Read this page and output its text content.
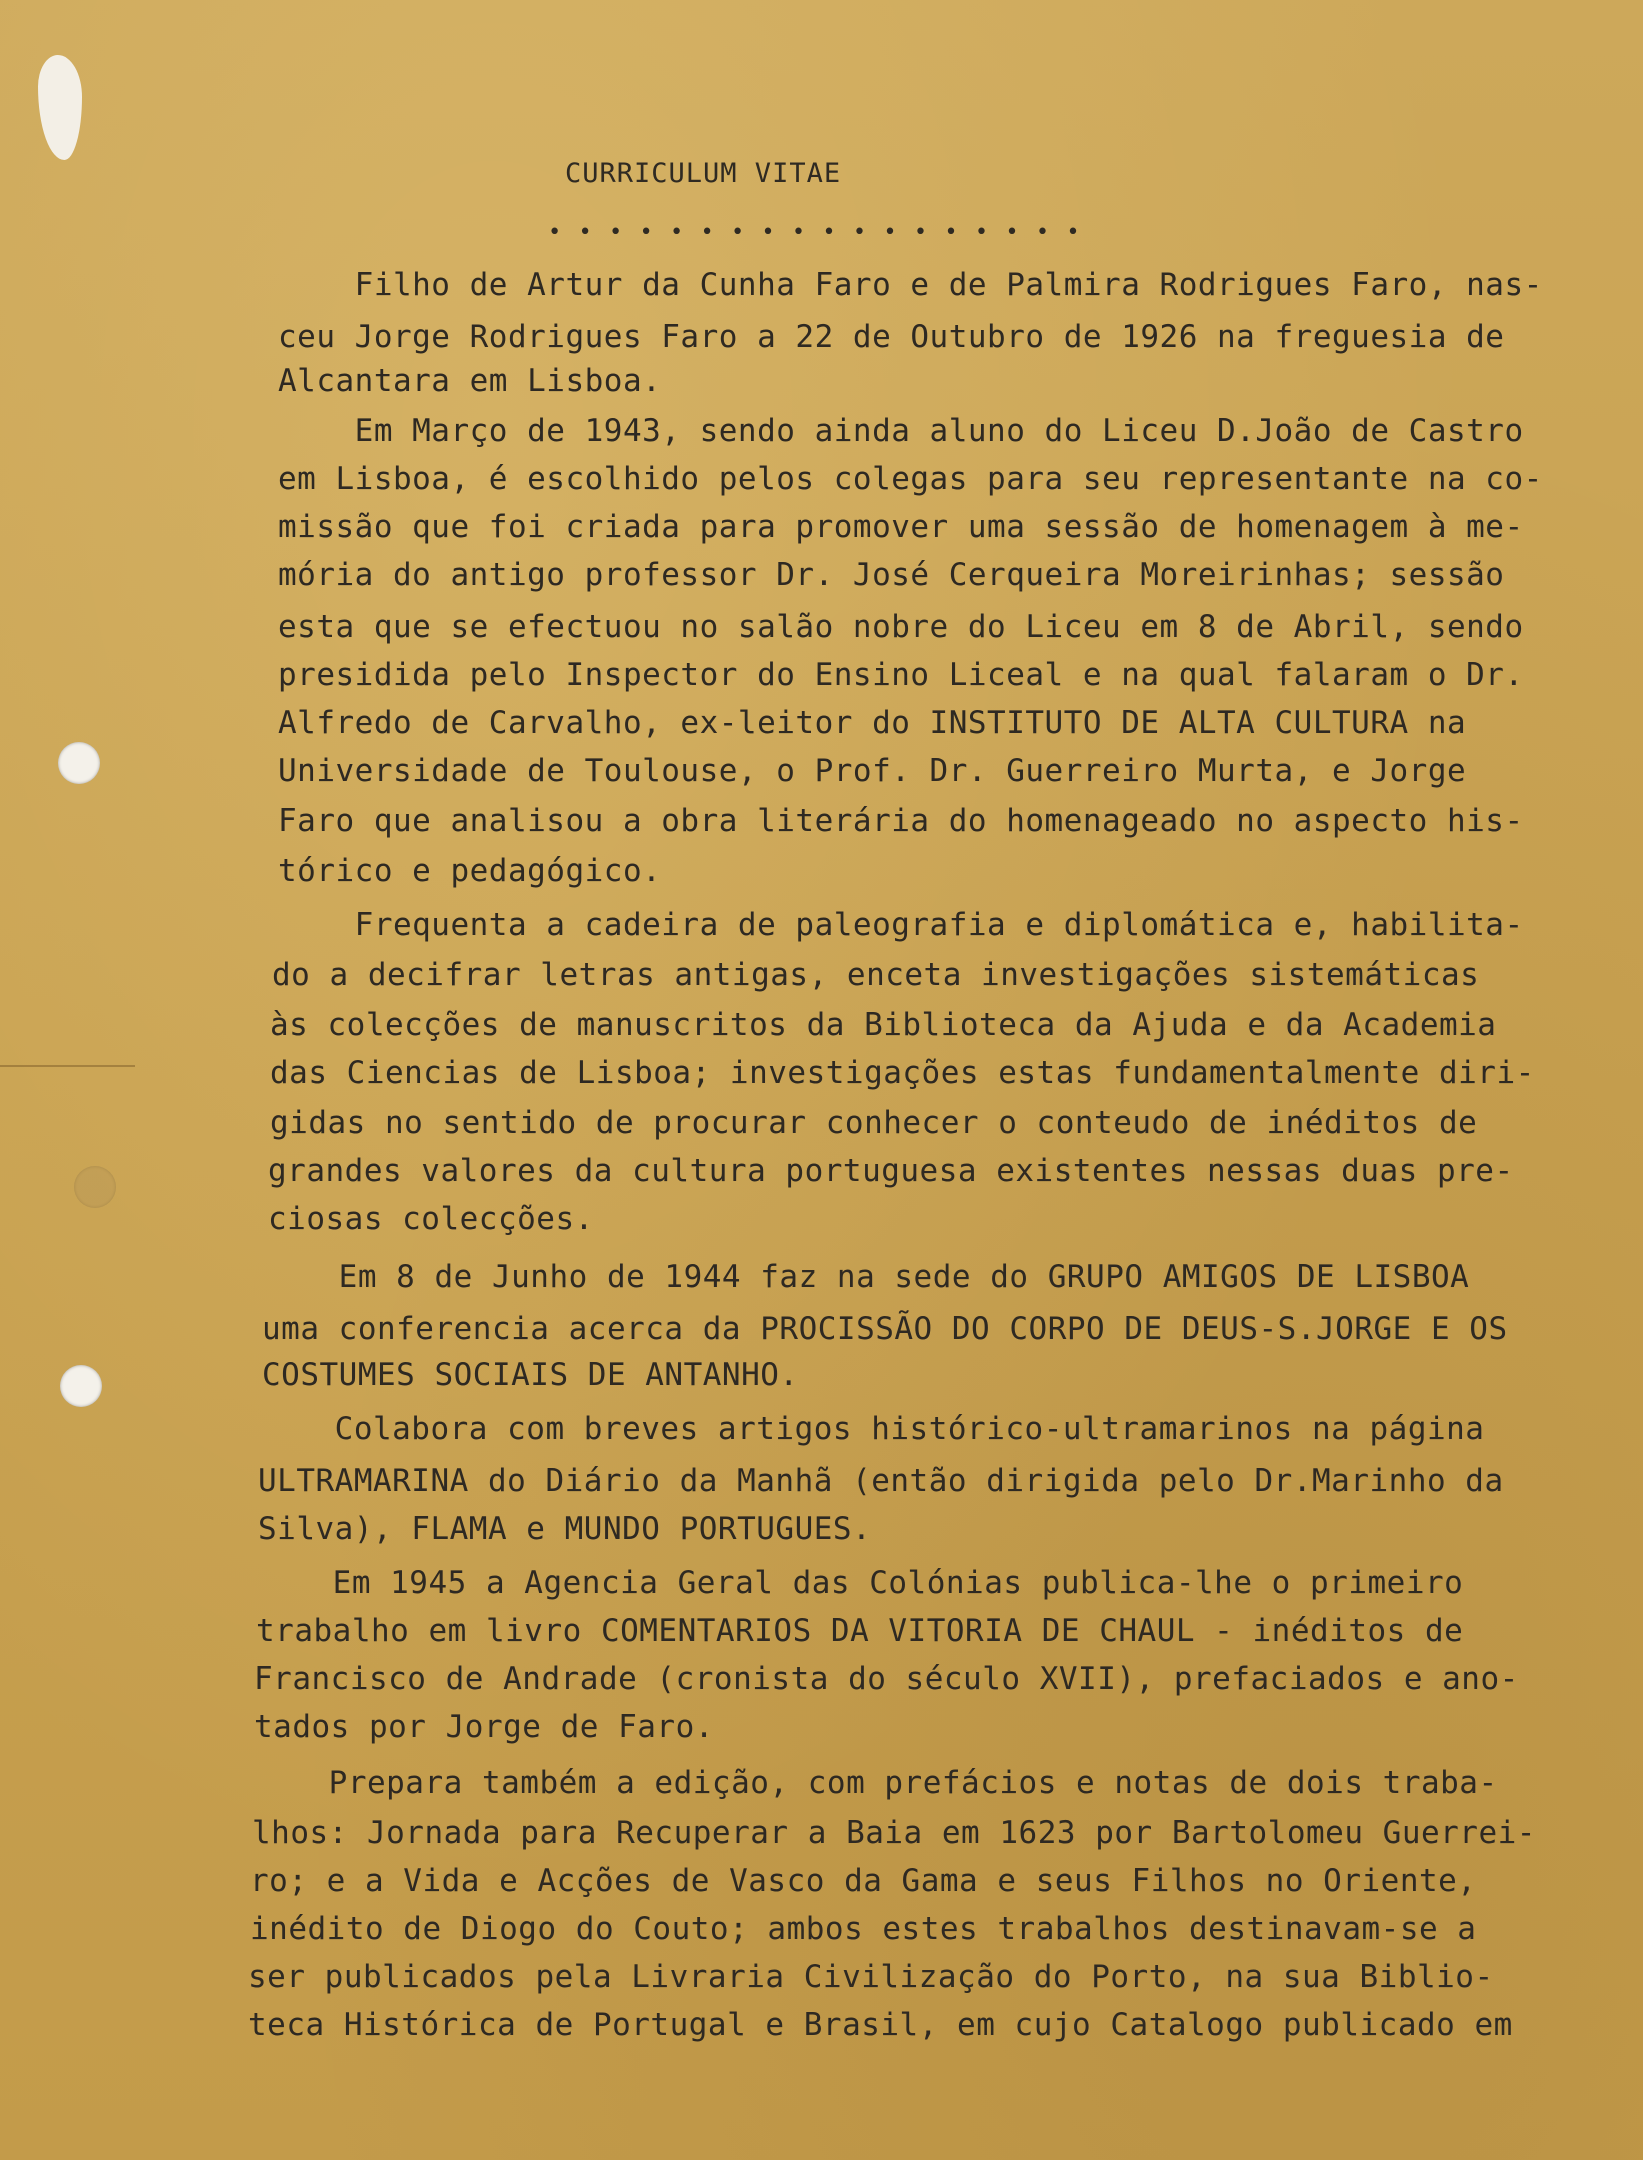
CURRICULUM VITAE
• • • • • • • • • • • • • • • • • •
Filho de Artur da Cunha Faro e de Palmira Rodrigues Faro, nas-
ceu Jorge Rodrigues Faro a 22 de Outubro de 1926 na freguesia de
Alcantara em Lisboa.
Em Março de 1943, sendo ainda aluno do Liceu D.João de Castro
em Lisboa, é escolhido pelos colegas para seu representante na co-
missão que foi criada para promover uma sessão de homenagem à me-
mória do antigo professor Dr. José Cerqueira Moreirinhas; sessão
esta que se efectuou no salão nobre do Liceu em 8 de Abril, sendo
presidida pelo Inspector do Ensino Liceal e na qual falaram o Dr.
Alfredo de Carvalho, ex-leitor do INSTITUTO DE ALTA CULTURA na
Universidade de Toulouse, o Prof. Dr. Guerreiro Murta, e Jorge
Faro que analisou a obra literária do homenageado no aspecto his-
tórico e pedagógico.
Frequenta a cadeira de paleografia e diplomática e, habilita-
do a decifrar letras antigas, enceta investigações sistemáticas
às colecções de manuscritos da Biblioteca da Ajuda e da Academia
das Ciencias de Lisboa; investigações estas fundamentalmente diri-
gidas no sentido de procurar conhecer o conteudo de inéditos de
grandes valores da cultura portuguesa existentes nessas duas pre-
ciosas colecções.
Em 8 de Junho de 1944 faz na sede do GRUPO AMIGOS DE LISBOA
uma conferencia acerca da PROCISSÃO DO CORPO DE DEUS-S.JORGE E OS
COSTUMES SOCIAIS DE ANTANHO.
Colabora com breves artigos histórico-ultramarinos na página
ULTRAMARINA do Diário da Manhã (então dirigida pelo Dr.Marinho da
Silva), FLAMA e MUNDO PORTUGUES.
Em 1945 a Agencia Geral das Colónias publica-lhe o primeiro
trabalho em livro COMENTARIOS DA VITORIA DE CHAUL - inéditos de
Francisco de Andrade (cronista do século XVII), prefaciados e ano-
tados por Jorge de Faro.
Prepara também a edição, com prefácios e notas de dois traba-
lhos: Jornada para Recuperar a Baia em 1623 por Bartolomeu Guerrei-
ro; e a Vida e Acções de Vasco da Gama e seus Filhos no Oriente,
inédito de Diogo do Couto; ambos estes trabalhos destinavam-se a
ser publicados pela Livraria Civilização do Porto, na sua Biblio-
teca Histórica de Portugal e Brasil, em cujo Catalogo publicado em
